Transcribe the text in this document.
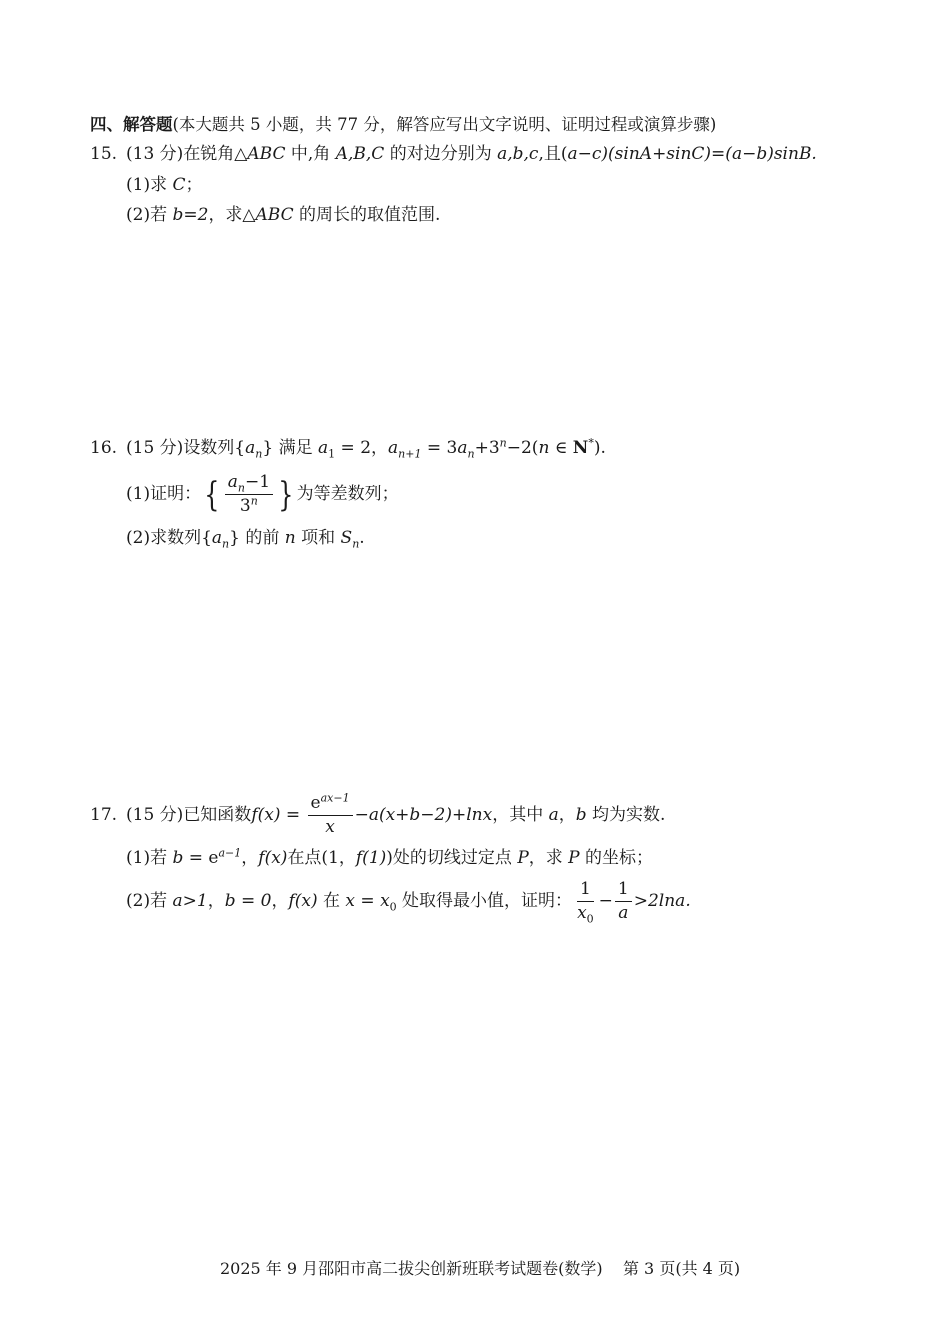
四、解答题(本大题共 5 小题，共 77 分，解答应写出文字说明、证明过程或演算步骤)
15. (13 分)在锐角△ABC 中,角 A,B,C 的对边分别为 a,b,c,且(a−c)(sinA+sinC)=(a−b)sinB.
(1)求 C；
(2)若 b=2，求△ABC 的周长的取值范围.
16. (15 分)设数列$\{a_n\}$ 满足 $a_1 = 2$，$a_{n+1} = 3a_n+3^n-2(n$ ∈ N*).
(1)证明：{ $\frac{a_n-1}{3^n}$ } 为等差数列；
(2)求数列$\{a_n\}$ 的前 n 项和 $S_n$.
17. (15 分)已知函数$f(x) = \frac{e^{ax-1}}{x} -a(x+b-2)+\ln x$，其中 a，b 均为实数.
(1)若 $b = e^{a-1}$，f(x)在点(1，f(1))处的切线过定点 P，求 P 的坐标；
(2)若 a>1，b = 0，f(x) 在 $x = x_0$ 处取得最小值，证明： $\frac{1}{x_0} - \frac{1}{a} >2\ln a$.

2025 年 9 月邵阳市高二拔尖创新班联考试题卷(数学)    第 3 页(共 4 页)
